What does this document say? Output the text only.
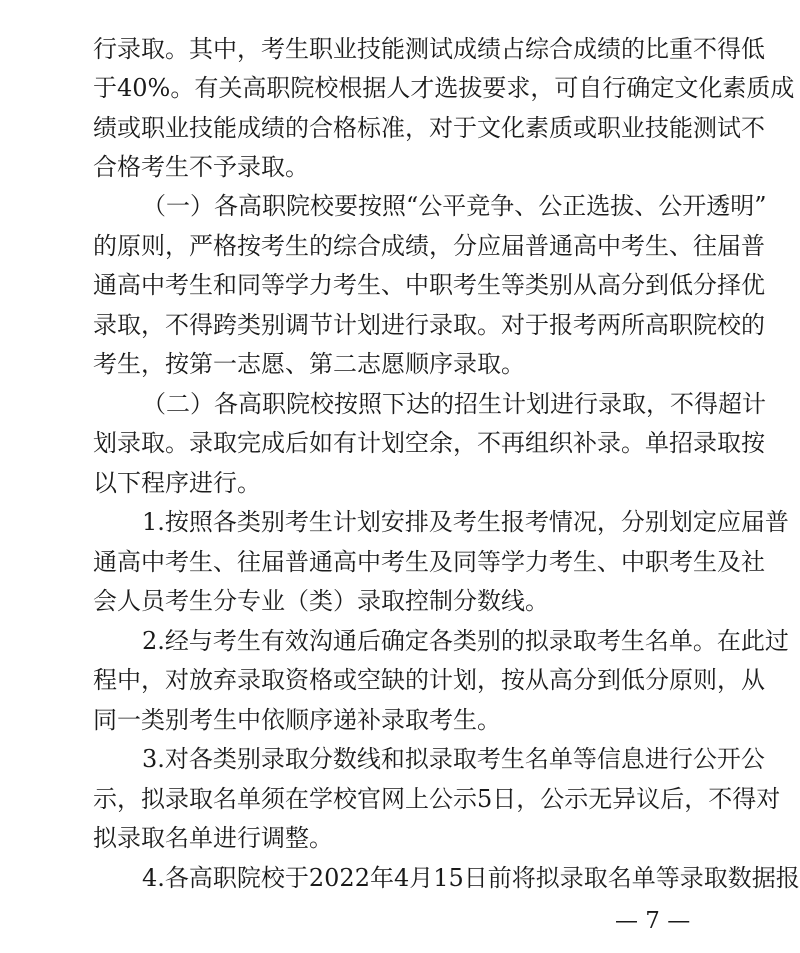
行录取。其中，考生职业技能测试成绩占综合成绩的比重不得低
于40%。有关高职院校根据人才选拔要求，可自行确定文化素质成
绩或职业技能成绩的合格标准，对于文化素质或职业技能测试不
合格考生不予录取。
（一）各高职院校要按照“公平竞争、公正选拔、公开透明”
的原则，严格按考生的综合成绩，分应届普通高中考生、往届普
通高中考生和同等学力考生、中职考生等类别从高分到低分择优
录取，不得跨类别调节计划进行录取。对于报考两所高职院校的
考生，按第一志愿、第二志愿顺序录取。
（二）各高职院校按照下达的招生计划进行录取，不得超计
划录取。录取完成后如有计划空余，不再组织补录。单招录取按
以下程序进行。
1.按照各类别考生计划安排及考生报考情况，分别划定应届普
通高中考生、往届普通高中考生及同等学力考生、中职考生及社
会人员考生分专业（类）录取控制分数线。
2.经与考生有效沟通后确定各类别的拟录取考生名单。在此过
程中，对放弃录取资格或空缺的计划，按从高分到低分原则，从
同一类别考生中依顺序递补录取考生。
3.对各类别录取分数线和拟录取考生名单等信息进行公开公
示，拟录取名单须在学校官网上公示5日，公示无异议后，不得对
拟录取名单进行调整。
4.各高职院校于2022年4月15日前将拟录取名单等录取数据报
— 7 —
